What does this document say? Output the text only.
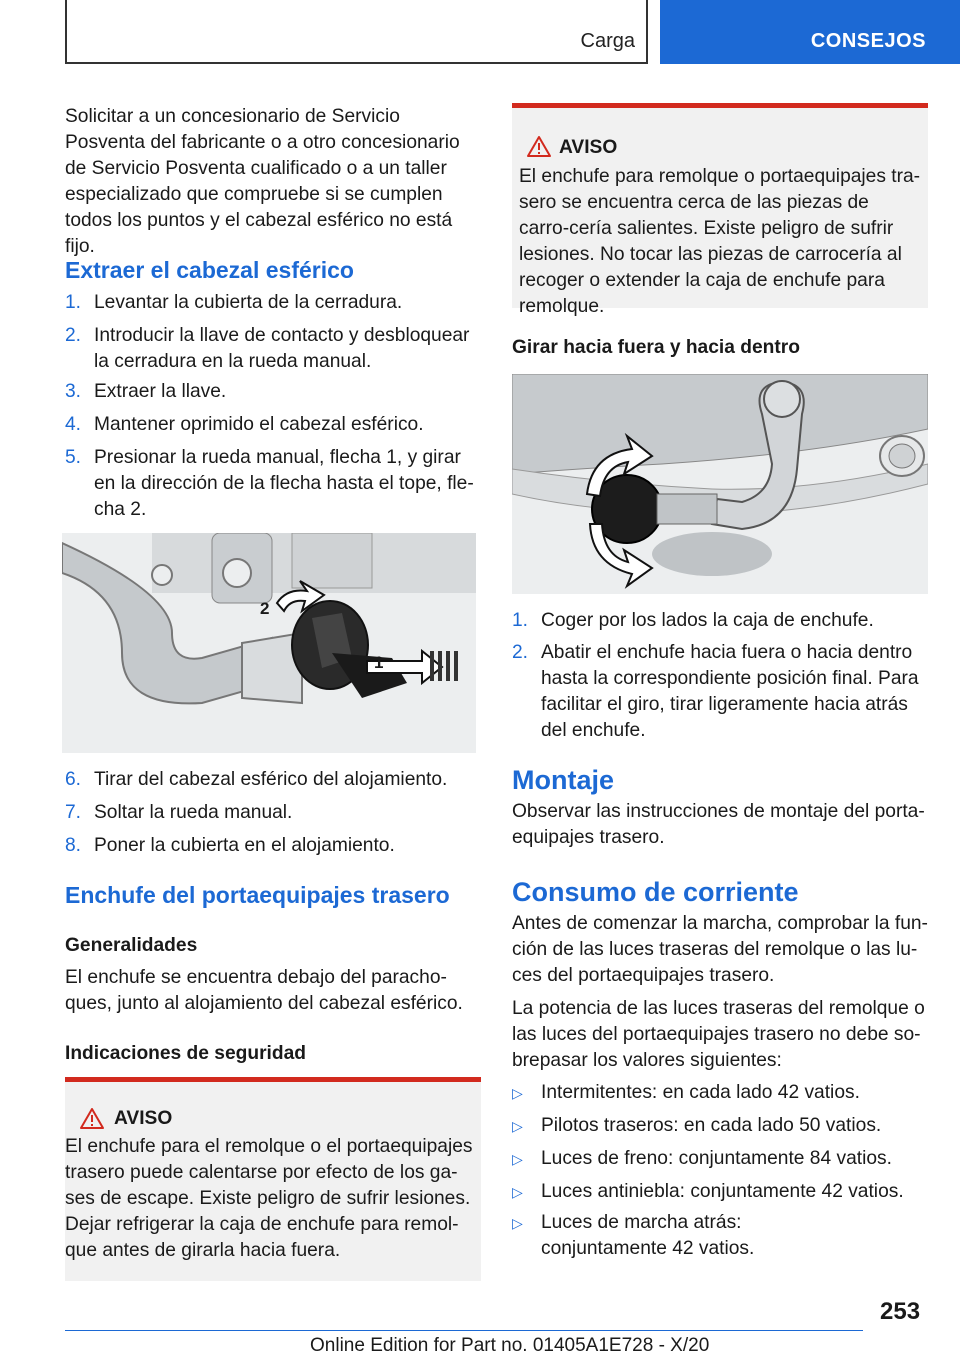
Carga	CONSEJOS

Solicitar a un concesionario de Servicio Posventa del fabricante o a otro concesionario de Servicio Posventa cualificado o a un taller especializado que compruebe si se cumplen todos los puntos y el cabezal esférico no está fijo.

Extraer el cabezal esférico
1. Levantar la cubierta de la cerradura.
2. Introducir la llave de contacto y desbloquear la cerradura en la rueda manual.
3. Extraer la llave.
4. Mantener oprimido el cabezal esférico.
5. Presionar la rueda manual, flecha 1, y girar en la dirección de la flecha hasta el tope, fle-cha 2.
2
1
6. Tirar del cabezal esférico del alojamiento.
7. Soltar la rueda manual.
8. Poner la cubierta en el alojamiento.
Enchufe del portaequipajes trasero
Generalidades

El enchufe se encuentra debajo del paracho-ques, junto al alojamiento del cabezal esférico.

Indicaciones de seguridad
AVISO

El enchufe para el remolque o el portaequipajes trasero puede calentarse por efecto de los ga-ses de escape. Existe peligro de sufrir lesiones. Dejar refrigerar la caja de enchufe para remol-que antes de girarla hacia fuera.

AVISO

El enchufe para remolque o portaequipajes tra-sero se encuentra cerca de las piezas de carro-cería salientes. Existe peligro de sufrir lesiones. No tocar las piezas de carrocería al recoger o extender la caja de enchufe para remolque.

Girar hacia fuera y hacia dentro
1. Coger por los lados la caja de enchufe.
2. Abatir el enchufe hacia fuera o hacia dentro hasta la correspondiente posición final. Para facilitar el giro, tirar ligeramente hacia atrás del enchufe.
Montaje

Observar las instrucciones de montaje del porta-equipajes trasero.

Consumo de corriente

Antes de comenzar la marcha, comprobar la fun-ción de las luces traseras del remolque o las lu-ces del portaequipajes trasero.

La potencia de las luces traseras del remolque o las luces del portaequipajes trasero no debe so-brepasar los valores siguientes:

▷ Intermitentes: en cada lado 42 vatios.
▷ Pilotos traseros: en cada lado 50 vatios.
▷ Luces de freno: conjuntamente 84 vatios.
▷ Luces antiniebla: conjuntamente 42 vatios.
▷ Luces de marcha atrás: conjuntamente 42 vatios.
253
Online Edition for Part no. 01405A1E728 - X/20
